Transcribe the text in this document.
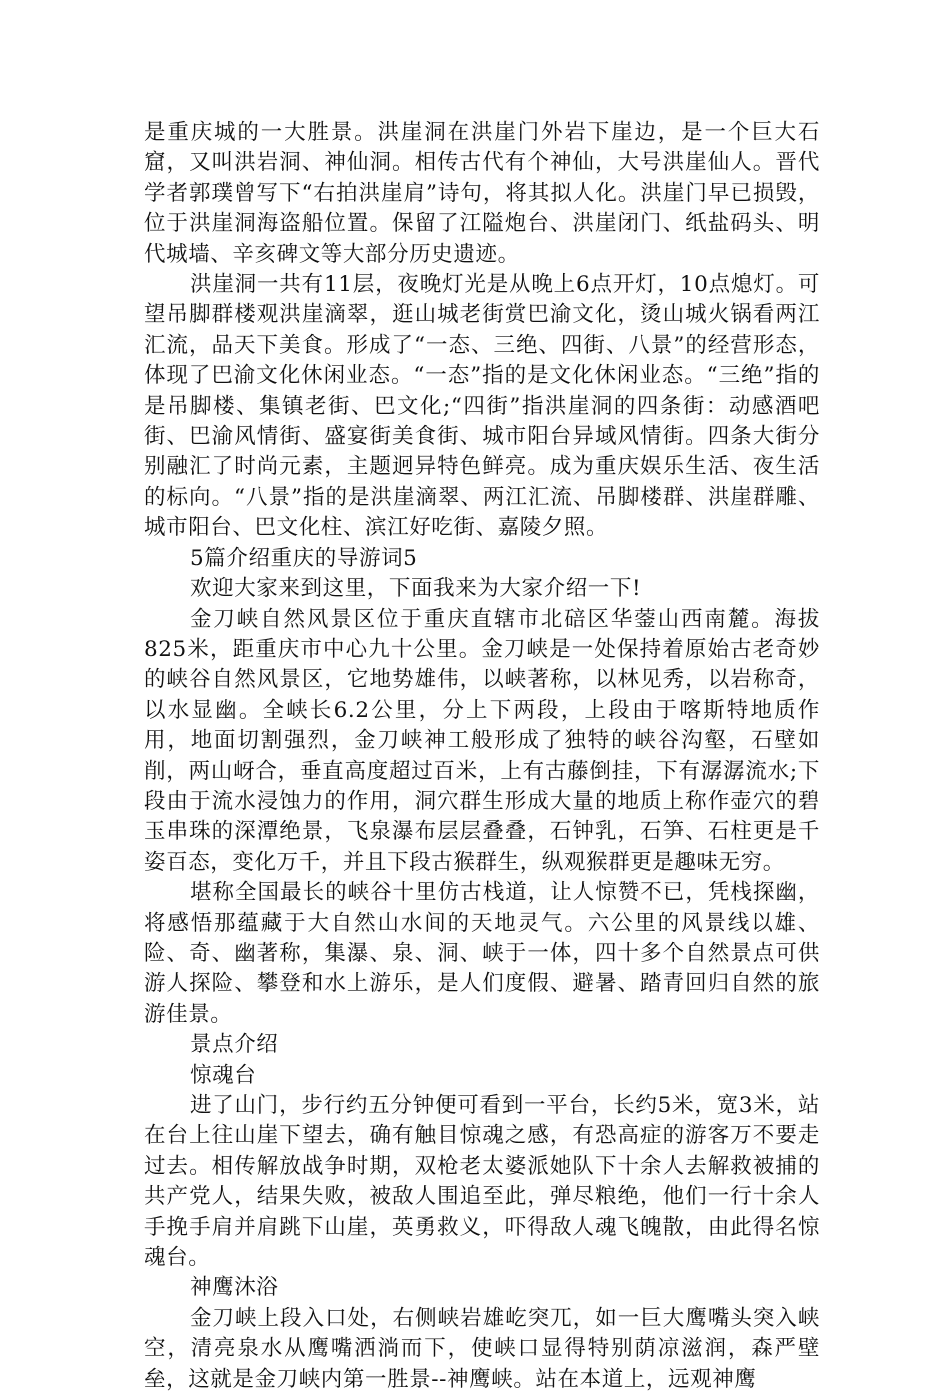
是重庆城的一大胜景。洪崖洞在洪崖门外岩下崖边，是一个巨大石窟，又叫洪岩洞、神仙洞。相传古代有个神仙，大号洪崖仙人。晋代学者郭璞曾写下“右拍洪崖肩”诗句，将其拟人化。洪崖门早已损毁，位于洪崖洞海盗船位置。保留了江隘炮台、洪崖闭门、纸盐码头、明代城墙、辛亥碑文等大部分历史遗迹。

洪崖洞一共有11层，夜晚灯光是从晚上6点开灯，10点熄灯。可望吊脚群楼观洪崖滴翠，逛山城老街赏巴渝文化，烫山城火锅看两江汇流，品天下美食。形成了“一态、三绝、四街、八景”的经营形态，体现了巴渝文化休闲业态。“一态”指的是文化休闲业态。“三绝”指的是吊脚楼、集镇老街、巴文化;“四街”指洪崖洞的四条街：动感酒吧街、巴渝风情街、盛宴街美食街、城市阳台异域风情街。四条大街分别融汇了时尚元素，主题迥异特色鲜亮。成为重庆娱乐生活、夜生活的标向。“八景”指的是洪崖滴翠、两江汇流、吊脚楼群、洪崖群雕、城市阳台、巴文化柱、滨江好吃街、嘉陵夕照。

5篇介绍重庆的导游词5

欢迎大家来到这里，下面我来为大家介绍一下!

金刀峡自然风景区位于重庆直辖市北碚区华蓥山西南麓。海拔825米，距重庆市中心九十公里。金刀峡是一处保持着原始古老奇妙的峡谷自然风景区，它地势雄伟，以峡著称，以林见秀，以岩称奇，以水显幽。全峡长6.2公里，分上下两段，上段由于喀斯特地质作用，地面切割强烈，金刀峡神工般形成了独特的峡谷沟壑，石壁如削，两山岈合，垂直高度超过百米，上有古藤倒挂，下有潺潺流水;下段由于流水浸蚀力的作用，洞穴群生形成大量的地质上称作壶穴的碧玉串珠的深潭绝景，飞泉瀑布层层叠叠，石钟乳，石笋、石柱更是千姿百态，变化万千，并且下段古猴群生，纵观猴群更是趣味无穷。

堪称全国最长的峡谷十里仿古栈道，让人惊赞不已，凭栈探幽，将感悟那蕴藏于大自然山水间的天地灵气。六公里的风景线以雄、险、奇、幽著称，集瀑、泉、洞、峡于一体，四十多个自然景点可供游人探险、攀登和水上游乐，是人们度假、避暑、踏青回归自然的旅游佳景。

景点介绍

惊魂台

进了山门，步行约五分钟便可看到一平台，长约5米，宽3米，站在台上往山崖下望去，确有触目惊魂之感，有恐高症的游客万不要走过去。相传解放战争时期，双枪老太婆派她队下十余人去解救被捕的共产党人，结果失败，被敌人围追至此，弹尽粮绝，他们一行十余人手挽手肩并肩跳下山崖，英勇救义，吓得敌人魂飞魄散，由此得名惊魂台。

神鹰沐浴

金刀峡上段入口处，右侧峡岩雄屹突兀，如一巨大鹰嘴头突入峡空，清亮泉水从鹰嘴洒淌而下，使峡口显得特别荫凉滋润，森严壁垒，这就是金刀峡内第一胜景--神鹰峡。站在本道上，远观神鹰
